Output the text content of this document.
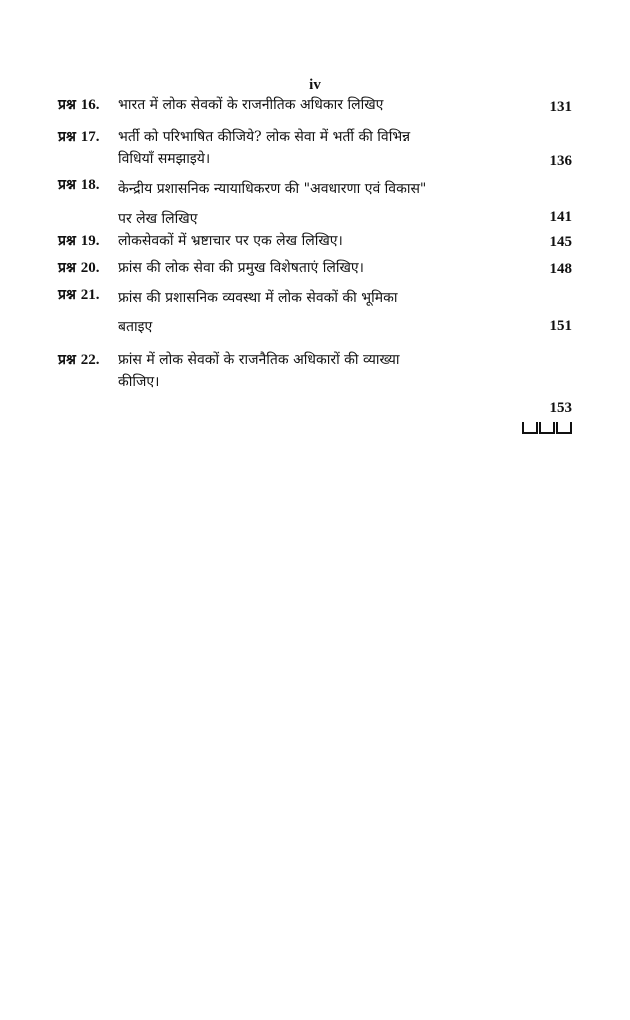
iv
प्रश्न 16. भारत में लोक सेवकों के राजनीतिक अधिकार लिखिए	131
प्रश्न 17. भर्ती को परिभाषित कीजिये? लोक सेवा में भर्ती की विभिन्न
विधियाँ समझाइये।	136
प्रश्न 18. केन्द्रीय प्रशासनिक न्यायाधिकरण की "अवधारणा एवं विकास"
पर लेख लिखिए	141
प्रश्न 19. लोकसेवकों में भ्रष्टाचार पर एक लेख लिखिए।	145
प्रश्न 20. फ्रांस की लोक सेवा की प्रमुख विशेषताएं लिखिए।	148
प्रश्न 21. फ्रांस की प्रशासनिक व्यवस्था में लोक सेवकों की भूमिका
बताइए	151
प्रश्न 22. फ्रांस में लोक सेवकों के राजनैतिक अधिकारों की व्याख्या
कीजिए।
153
